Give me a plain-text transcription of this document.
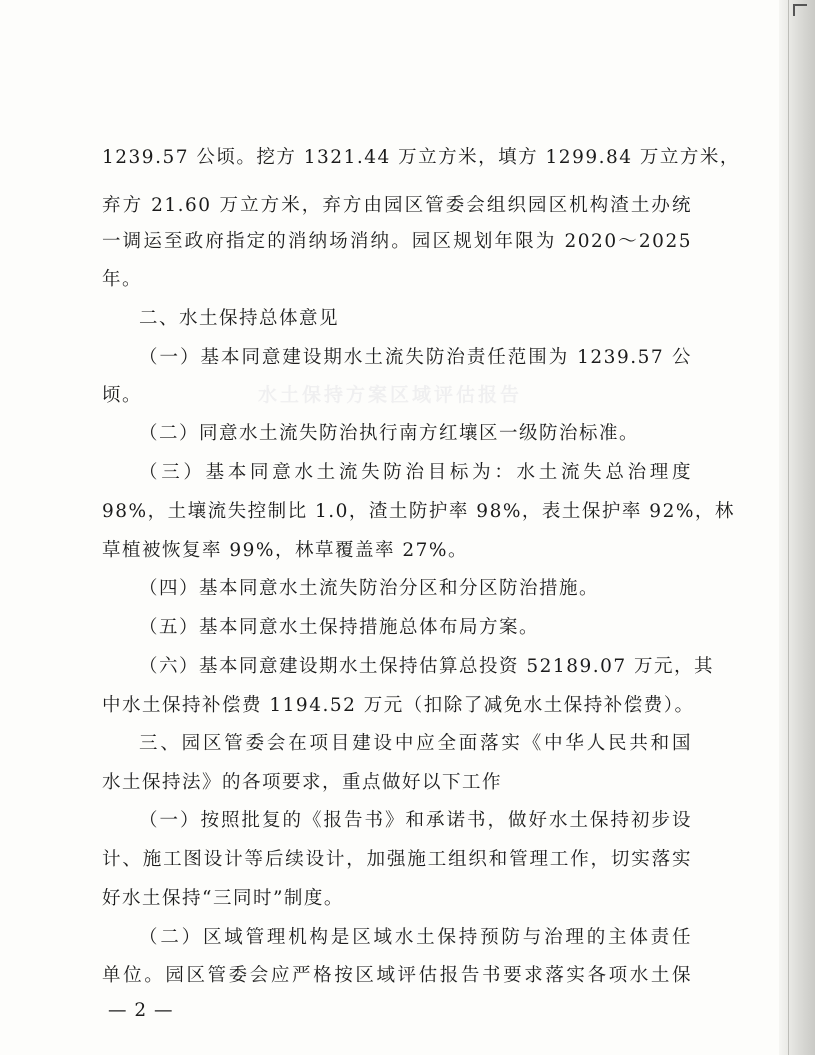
水土保持方案区域评估报告
1239.57 公顷。挖方 1321.44 万立方米，填方 1299.84 万立方米，
弃方 21.60 万立方米，弃方由园区管委会组织园区机构渣土办统
一调运至政府指定的消纳场消纳。园区规划年限为 2020～2025
年。
二、水土保持总体意见
（一）基本同意建设期水土流失防治责任范围为 1239.57 公
顷。
（二）同意水土流失防治执行南方红壤区一级防治标准。
（三）基本同意水土流失防治目标为：水土流失总治理度
98%，土壤流失控制比 1.0，渣土防护率 98%，表土保护率 92%，林
草植被恢复率 99%，林草覆盖率 27%。
（四）基本同意水土流失防治分区和分区防治措施。
（五）基本同意水土保持措施总体布局方案。
（六）基本同意建设期水土保持估算总投资 52189.07 万元，其
中水土保持补偿费 1194.52 万元（扣除了减免水土保持补偿费）。
三、园区管委会在项目建设中应全面落实《中华人民共和国
水土保持法》的各项要求，重点做好以下工作
（一）按照批复的《报告书》和承诺书，做好水土保持初步设
计、施工图设计等后续设计，加强施工组织和管理工作，切实落实
好水土保持“三同时”制度。
（二）区域管理机构是区域水土保持预防与治理的主体责任
单位。园区管委会应严格按区域评估报告书要求落实各项水土保
— 2 —
